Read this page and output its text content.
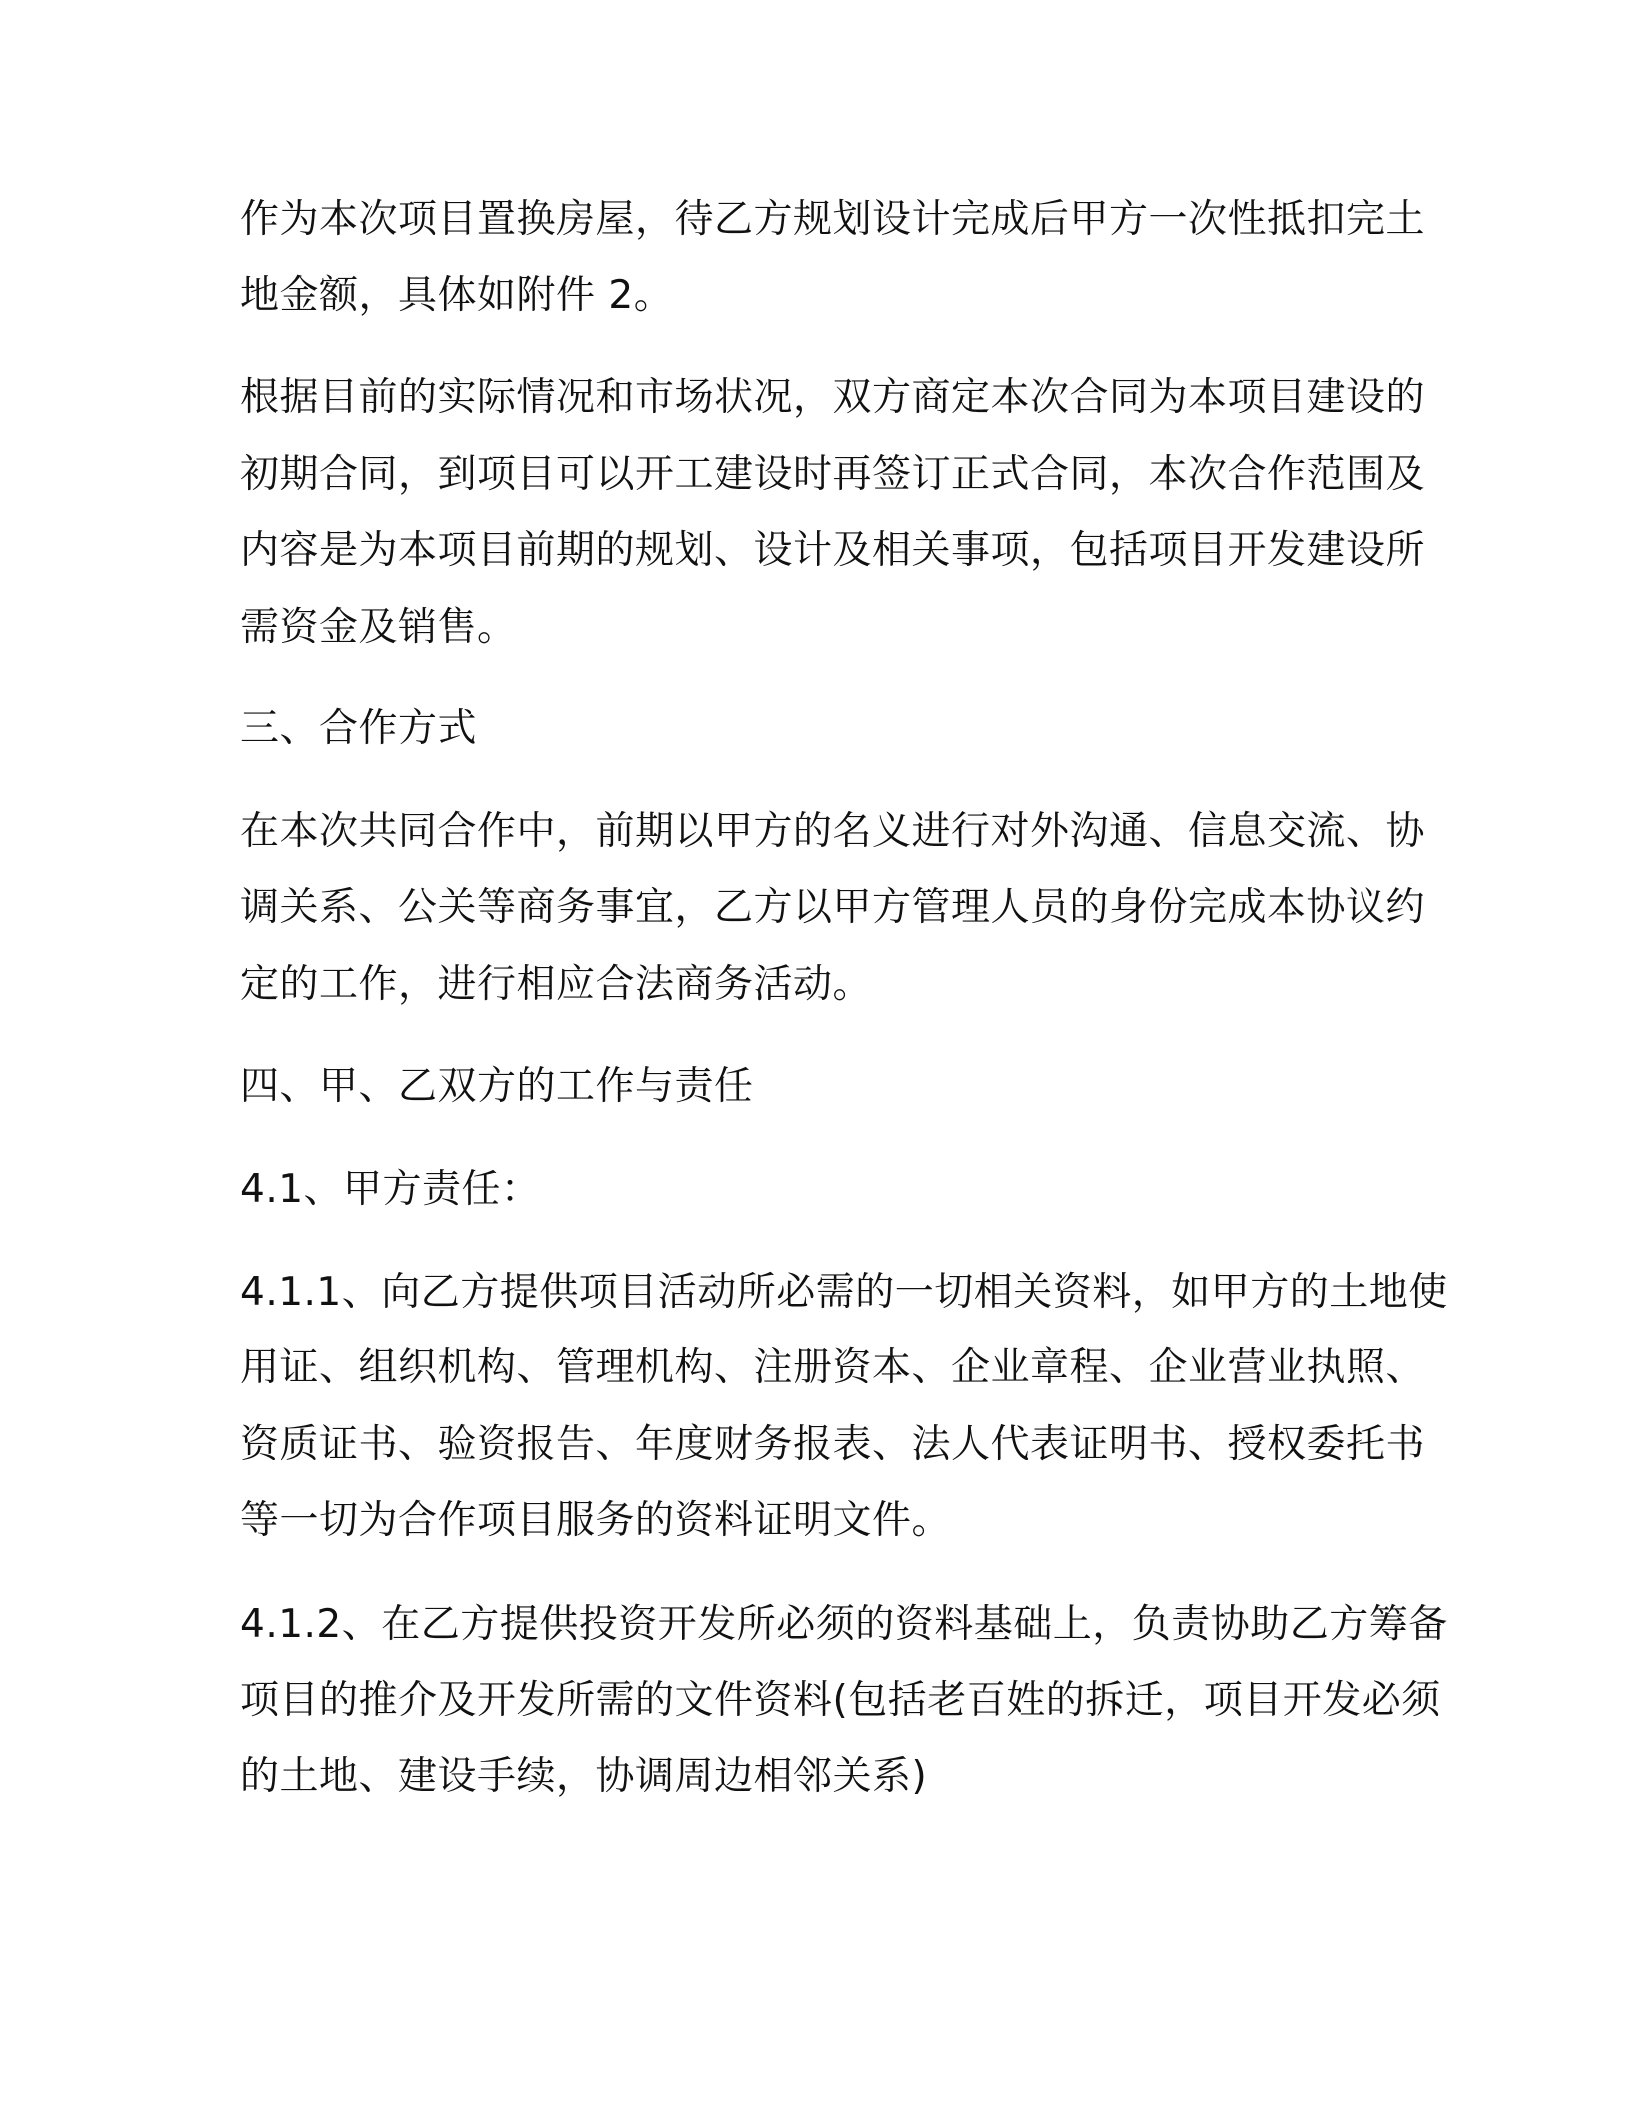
作为本次项目置换房屋，待乙方规划设计完成后甲方一次性抵扣完土

地金额，具体如附件 2。

根据目前的实际情况和市场状况，双方商定本次合同为本项目建设的

初期合同，到项目可以开工建设时再签订正式合同，本次合作范围及

内容是为本项目前期的规划、设计及相关事项，包括项目开发建设所

需资金及销售。

三、合作方式

在本次共同合作中，前期以甲方的名义进行对外沟通、信息交流、协

调关系、公关等商务事宜，乙方以甲方管理人员的身份完成本协议约

定的工作，进行相应合法商务活动。

四、甲、乙双方的工作与责任

4.1、甲方责任：

4.1.1、向乙方提供项目活动所必需的一切相关资料，如甲方的土地使

用证、组织机构、管理机构、注册资本、企业章程、企业营业执照、

资质证书、验资报告、年度财务报表、法人代表证明书、授权委托书

等一切为合作项目服务的资料证明文件。

4.1.2、在乙方提供投资开发所必须的资料基础上，负责协助乙方筹备

项目的推介及开发所需的文件资料(包括老百姓的拆迁，项目开发必须

的土地、建设手续，协调周边相邻关系)
